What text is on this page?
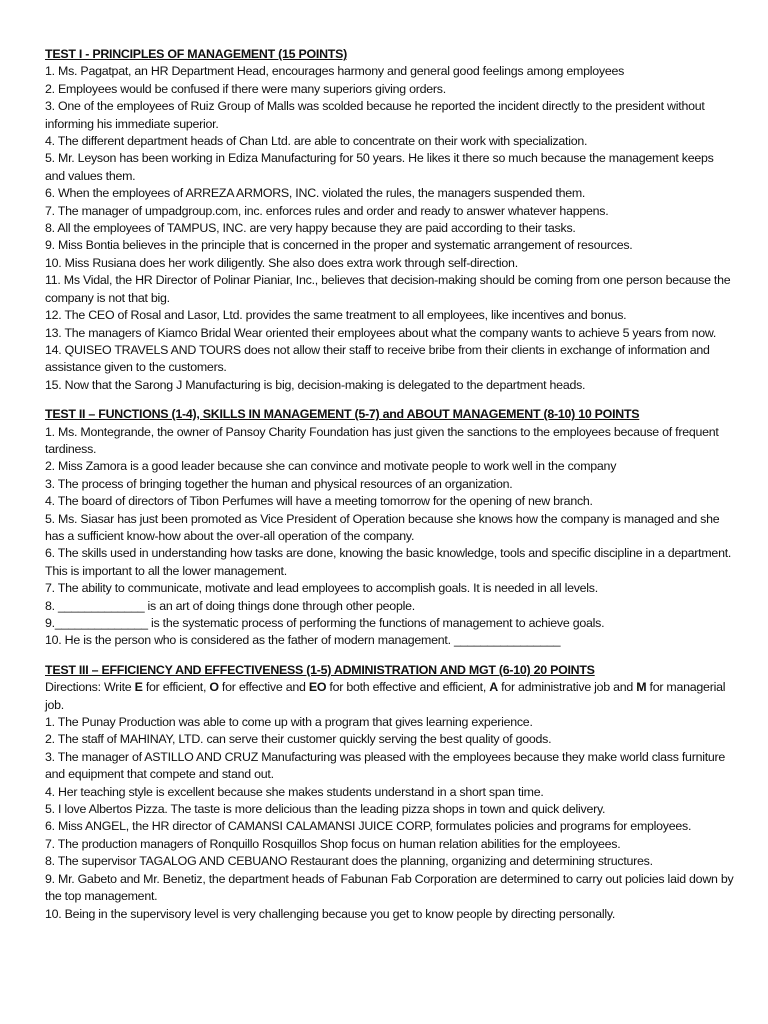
TEST I - PRINCIPLES OF MANAGEMENT (15 POINTS)
1. Ms. Pagatpat, an HR Department Head, encourages harmony and general good feelings among employees
2. Employees would be confused if there were many superiors giving orders.
3. One of the employees of Ruiz Group of Malls was scolded because he reported the incident directly to the president without informing his immediate superior.
4. The different department heads of Chan Ltd. are able to concentrate on their work with specialization.
5. Mr. Leyson has been working in Ediza Manufacturing for 50 years. He likes it there so much because the management keeps and values them.
6. When the employees of ARREZA ARMORS, INC. violated the rules, the managers suspended them.
7. The manager of umpadgroup.com, inc. enforces rules and order and ready to answer whatever happens.
8. All the employees of TAMPUS, INC. are very happy because they are paid according to their tasks.
9. Miss Bontia believes in the principle that is concerned in the proper and systematic arrangement of resources.
10. Miss Rusiana does her work diligently. She also does extra work through self-direction.
11. Ms Vidal, the HR Director of Polinar Pianiar, Inc., believes that decision-making should be coming from one person because the company is not that big.
12. The CEO of Rosal and Lasor, Ltd. provides the same treatment to all employees, like incentives and bonus.
13. The managers of Kiamco Bridal Wear oriented their employees about what the company wants to achieve 5 years from now.
14. QUISEO TRAVELS AND TOURS does not allow their staff to receive bribe from their clients in exchange of information and assistance given to the customers.
15. Now that the Sarong J Manufacturing is big, decision-making is delegated to the department heads.
TEST II – FUNCTIONS (1-4), SKILLS IN MANAGEMENT (5-7) and ABOUT MANAGEMENT (8-10) 10 POINTS
1. Ms. Montegrande, the owner of Pansoy Charity Foundation has just given the sanctions to the employees because of frequent tardiness.
2. Miss Zamora is a good leader because she can convince and motivate people to work well in the company
3. The process of bringing together the human and physical resources of an organization.
4. The board of directors of Tibon Perfumes will have a meeting tomorrow for the opening of new branch.
5. Ms. Siasar has just been promoted as Vice President of Operation because she knows how the company is managed and she has a sufficient know-how about the over-all operation of the company.
6. The skills used in understanding how tasks are done, knowing the basic knowledge, tools and specific discipline in a department. This is important to all the lower management.
7. The ability to communicate, motivate and lead employees to accomplish goals. It is needed in all levels.
8. _____________ is an art of doing things done through other people.
9.______________ is the systematic process of performing the functions of management to achieve goals.
10. He is the person who is considered as the father of modern management. ________________
TEST III – EFFICIENCY AND EFFECTIVENESS (1-5) ADMINISTRATION AND MGT (6-10) 20 POINTS
Directions: Write E for efficient, O for effective and EO for both effective and efficient, A for administrative job and M for managerial job.
1. The Punay Production was able to come up with a program that gives learning experience.
2. The staff of MAHINAY, LTD. can serve their customer quickly serving the best quality of goods.
3. The manager of ASTILLO AND CRUZ Manufacturing was pleased with the employees because they make world class furniture and equipment that compete and stand out.
4. Her teaching style is excellent because she makes students understand in a short span time.
5. I love Albertos Pizza. The taste is more delicious than the leading pizza shops in town and quick delivery.
6. Miss ANGEL, the HR director of CAMANSI CALAMANSI JUICE CORP, formulates policies and programs for employees.
7. The production managers of Ronquillo Rosquillos Shop focus on human relation abilities for the employees.
8. The supervisor TAGALOG AND CEBUANO Restaurant does the planning, organizing and determining structures.
9. Mr. Gabeto and Mr. Benetiz, the department heads of Fabunan Fab Corporation are determined to carry out policies laid down by the top management.
10. Being in the supervisory level is very challenging because you get to know people by directing personally.
